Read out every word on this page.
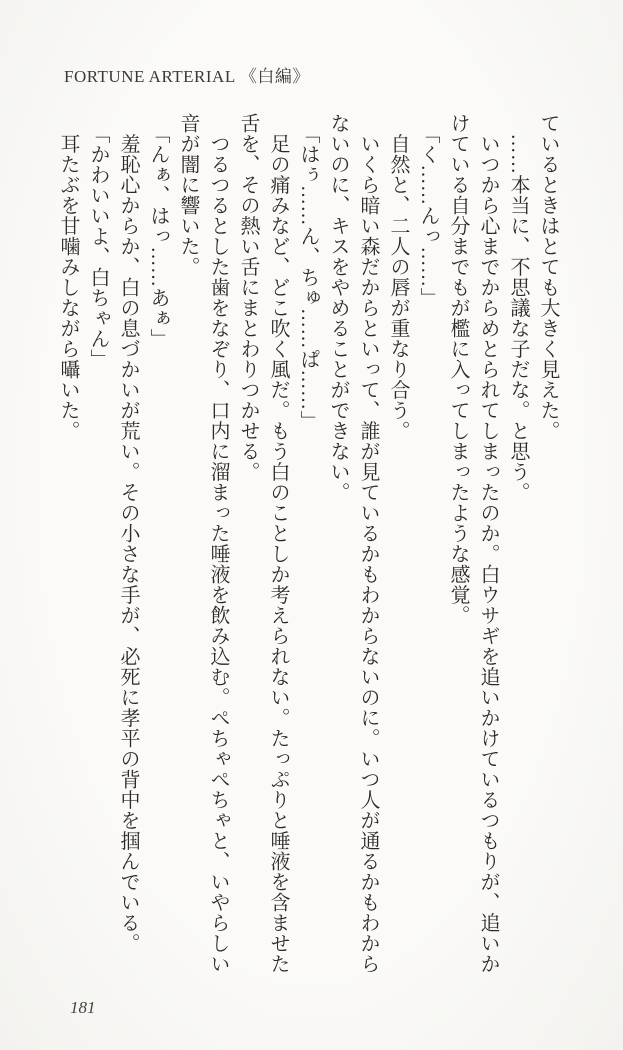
FORTUNE ARTERIAL 《白編》

ているときはとても大きく見えた。

　……本当に、不思議な子だな。と思う。

　いつから心までからめとられてしまったのか。白ウサギを追いかけているつもりが、追いか

けている自分までもが檻に入ってしまったような感覚。

　「く……んっ……」

　自然と、二人の唇が重なり合う。

　いくら暗い森だからといって、誰が見ているかもわからないのに。いつ人が通るかもわから

ないのに、キスをやめることができない。

　「はぅ……ん、ちゅ……ぱ……」

　足の痛みなど、どこ吹く風だ。もう白のことしか考えられない。たっぷりと唾液を含ませた

舌を、その熱い舌にまとわりつかせる。

　つるつるとした歯をなぞり、口内に溜まった唾液を飲み込む。ぺちゃぺちゃと、いやらしい

音が闇に響いた。

　「んぁ、はっ……あぁ」

　羞恥心からか、白の息づかいが荒い。その小さな手が、必死に孝平の背中を掴んでいる。

　「かわいいよ、白ちゃん」

　耳たぶを甘噛みしながら囁いた。

181
